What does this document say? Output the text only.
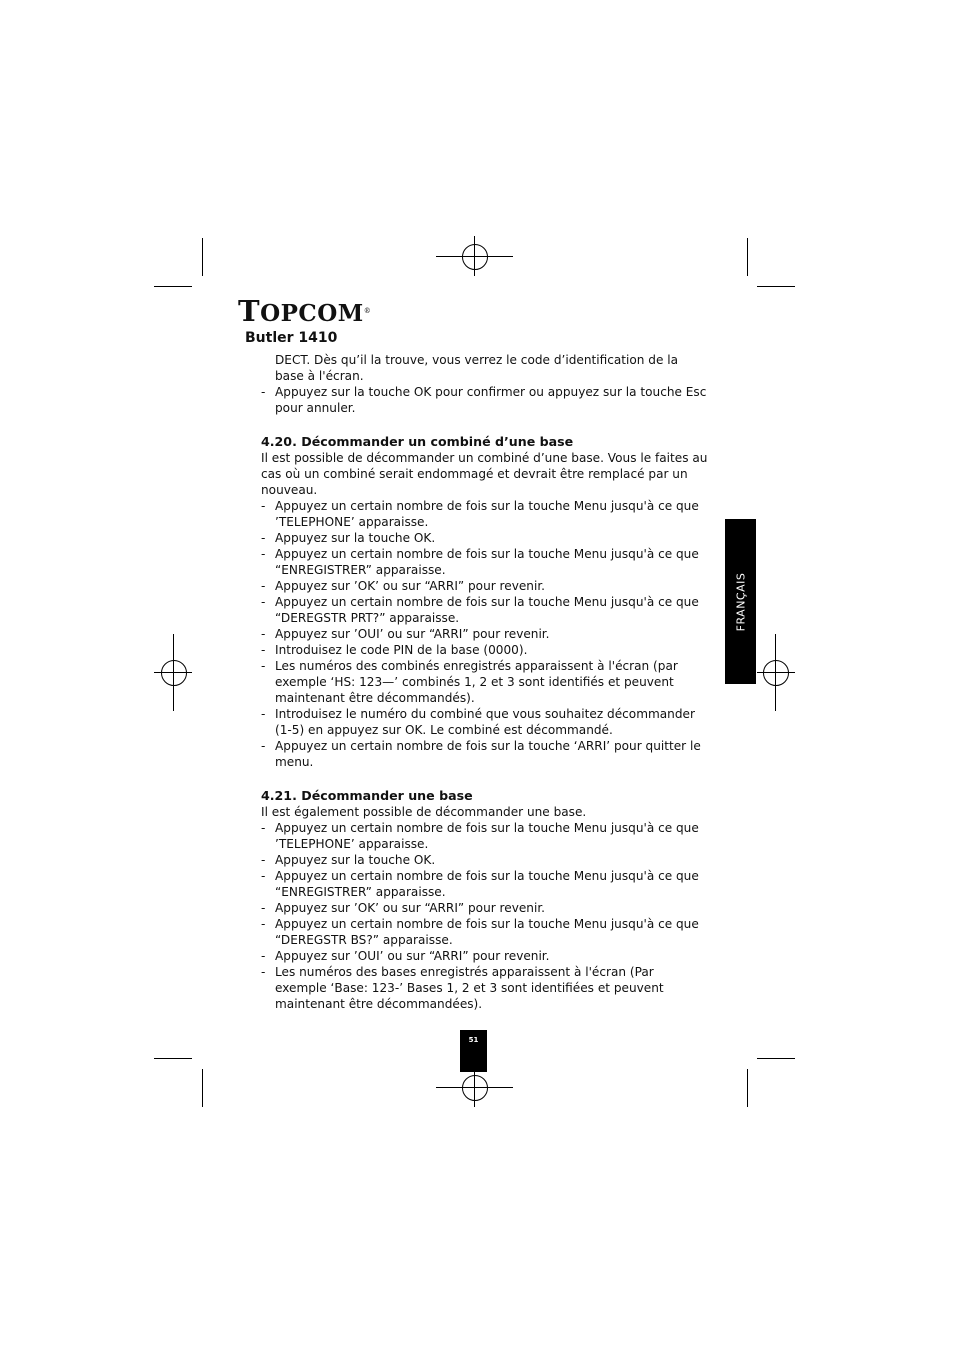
TOPCOM®
Butler 1410

DECT. Dès qu’il la trouve, vous verrez le code d’identification de la base à l'écran.

- Appuyez sur la touche OK pour confirmer ou appuyez sur la touche Esc pour annuler.

4.20. Décommander un combiné d’une base

Il est possible de décommander un combiné d’une base. Vous le faites au cas où un combiné serait endommagé et devrait être remplacé par un nouveau.

- Appuyez un certain nombre de fois sur la touche Menu jusqu'à ce que ’TELEPHONE’ apparaisse.

- Appuyez sur la touche OK.

- Appuyez un certain nombre de fois sur la touche Menu jusqu'à ce que “ENREGISTRER” apparaisse.

- Appuyez sur ’OK’ ou sur “ARRI” pour revenir.

- Appuyez un certain nombre de fois sur la touche Menu jusqu'à ce que “DEREGSTR PRT?” apparaisse.

- Appuyez sur ’OUI’ ou sur “ARRI” pour revenir.

- Introduisez le code PIN de la base (0000).

- Les numéros des combinés enregistrés apparaissent à l'écran (par exemple ‘HS: 123—’ combinés 1, 2 et 3 sont identifiés et peuvent maintenant être décommandés).

- Introduisez le numéro du combiné que vous souhaitez décommander (1-5) en appuyez sur OK. Le combiné est décommandé.

- Appuyez un certain nombre de fois sur la touche ‘ARRI’ pour quitter le menu.

4.21. Décommander une base

Il est également possible de décommander une base.

- Appuyez un certain nombre de fois sur la touche Menu jusqu'à ce que ’TELEPHONE’ apparaisse.

- Appuyez sur la touche OK.

- Appuyez un certain nombre de fois sur la touche Menu jusqu'à ce que “ENREGISTRER” apparaisse.

- Appuyez sur ’OK’ ou sur “ARRI” pour revenir.

- Appuyez un certain nombre de fois sur la touche Menu jusqu'à ce que “DEREGSTR BS?” apparaisse.

- Appuyez sur ’OUI’ ou sur “ARRI” pour revenir.

- Les numéros des bases enregistrés apparaissent à l'écran (Par exemple ‘Base: 123-’ Bases 1, 2 et 3 sont identifiées et peuvent maintenant être décommandées).

FRANÇAIS
51
